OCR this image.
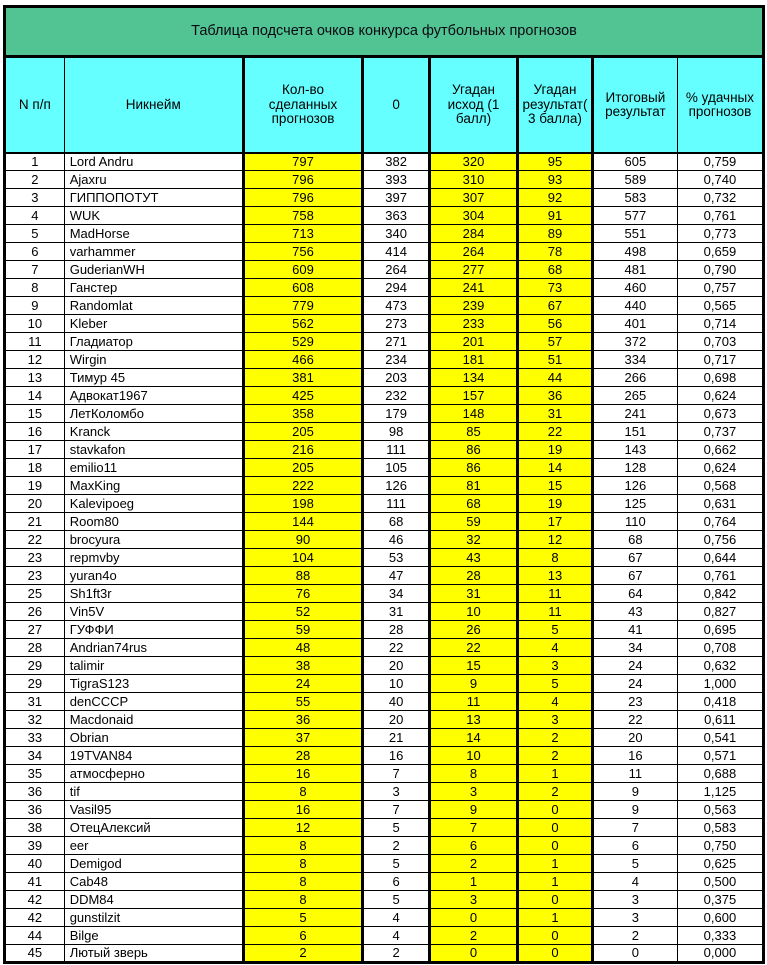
Таблица подсчета очков конкурса футбольных прогнозов							
N п/п	Никнейм	Кол-во сделанных прогнозов	0	Угадан исход (1 балл)	Угадан результат( 3 балла)	Итоговый результат	% удачных прогнозов
1	Lord Andru	797	382	320	95	605	0,759
2	Ajaxru	796	393	310	93	589	0,740
3	ГИППОПОТУТ	796	397	307	92	583	0,732
4	WUK	758	363	304	91	577	0,761
5	MadHorse	713	340	284	89	551	0,773
6	varhammer	756	414	264	78	498	0,659
7	GuderianWH	609	264	277	68	481	0,790
8	Ганстер	608	294	241	73	460	0,757
9	Randomlat	779	473	239	67	440	0,565
10	Kleber	562	273	233	56	401	0,714
11	Гладиатор	529	271	201	57	372	0,703
12	Wirgin	466	234	181	51	334	0,717
13	Тимур 45	381	203	134	44	266	0,698
14	Адвокат1967	425	232	157	36	265	0,624
15	ЛетКоломбо	358	179	148	31	241	0,673
16	Kranck	205	98	85	22	151	0,737
17	stavkafon	216	111	86	19	143	0,662
18	emilio11	205	105	86	14	128	0,624
19	MaxKing	222	126	81	15	126	0,568
20	Kalevipoeg	198	111	68	19	125	0,631
21	Room80	144	68	59	17	110	0,764
22	brocyura	90	46	32	12	68	0,756
23	repmvby	104	53	43	8	67	0,644
23	yuran4o	88	47	28	13	67	0,761
25	Sh1ft3r	76	34	31	11	64	0,842
26	Vin5V	52	31	10	11	43	0,827
27	ГУФФИ	59	28	26	5	41	0,695
28	Andrian74rus	48	22	22	4	34	0,708
29	talimir	38	20	15	3	24	0,632
29	TigraS123	24	10	9	5	24	1,000
31	denCCCP	55	40	11	4	23	0,418
32	Macdonaid	36	20	13	3	22	0,611
33	Obrian	37	21	14	2	20	0,541
34	19TVAN84	28	16	10	2	16	0,571
35	атмосферно	16	7	8	1	11	0,688
36	tif	8	3	3	2	9	1,125
36	Vasil95	16	7	9	0	9	0,563
38	ОтецАлексий	12	5	7	0	7	0,583
39	eer	8	2	6	0	6	0,750
40	Demigod	8	5	2	1	5	0,625
41	Cab48	8	6	1	1	4	0,500
42	DDM84	8	5	3	0	3	0,375
42	gunstilzit	5	4	0	1	3	0,600
44	Bilge	6	4	2	0	2	0,333
45	Лютый зверь	2	2	0	0	0	0,000
